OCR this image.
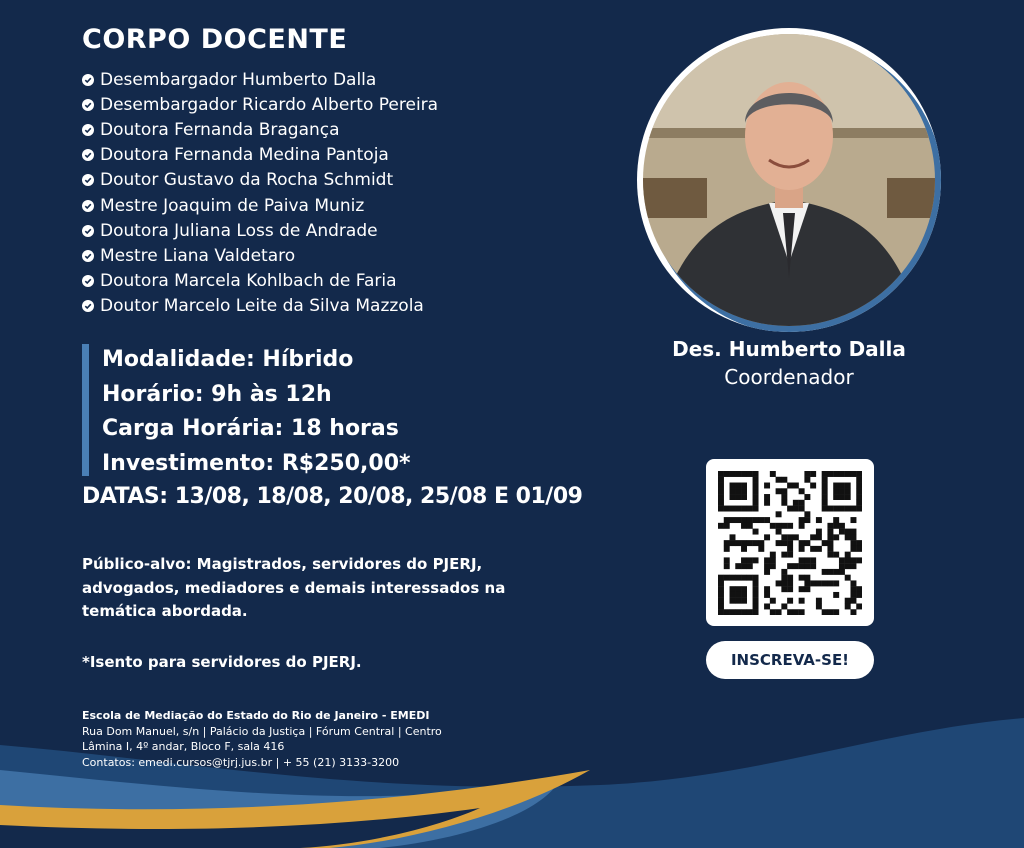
CORPO DOCENTE
Desembargador Humberto Dalla
Desembargador Ricardo Alberto Pereira
Doutora Fernanda Bragança
Doutora Fernanda Medina Pantoja
Doutor Gustavo da Rocha Schmidt
Mestre Joaquim de Paiva Muniz
Doutora Juliana Loss de Andrade
Mestre Liana Valdetaro
Doutora Marcela Kohlbach de Faria
Doutor Marcelo Leite da Silva Mazzola
Modalidade: Híbrido
Horário: 9h às 12h
Carga Horária: 18 horas
Investimento: R$250,00*
DATAS: 13/08, 18/08, 20/08, 25/08 E 01/09
Público-alvo: Magistrados, servidores do PJERJ, advogados, mediadores e demais interessados na temática abordada.
*Isento para servidores do PJERJ.
Escola de Mediação do Estado do Rio de Janeiro - EMEDI
Rua Dom Manuel, s/n | Palácio da Justiça | Fórum Central | Centro
Lâmina I, 4º andar, Bloco F, sala 416
Contatos: emedi.cursos@tjrj.jus.br | + 55 (21) 3133-3200
Des. Humberto Dalla
Coordenador
INSCREVA-SE!
